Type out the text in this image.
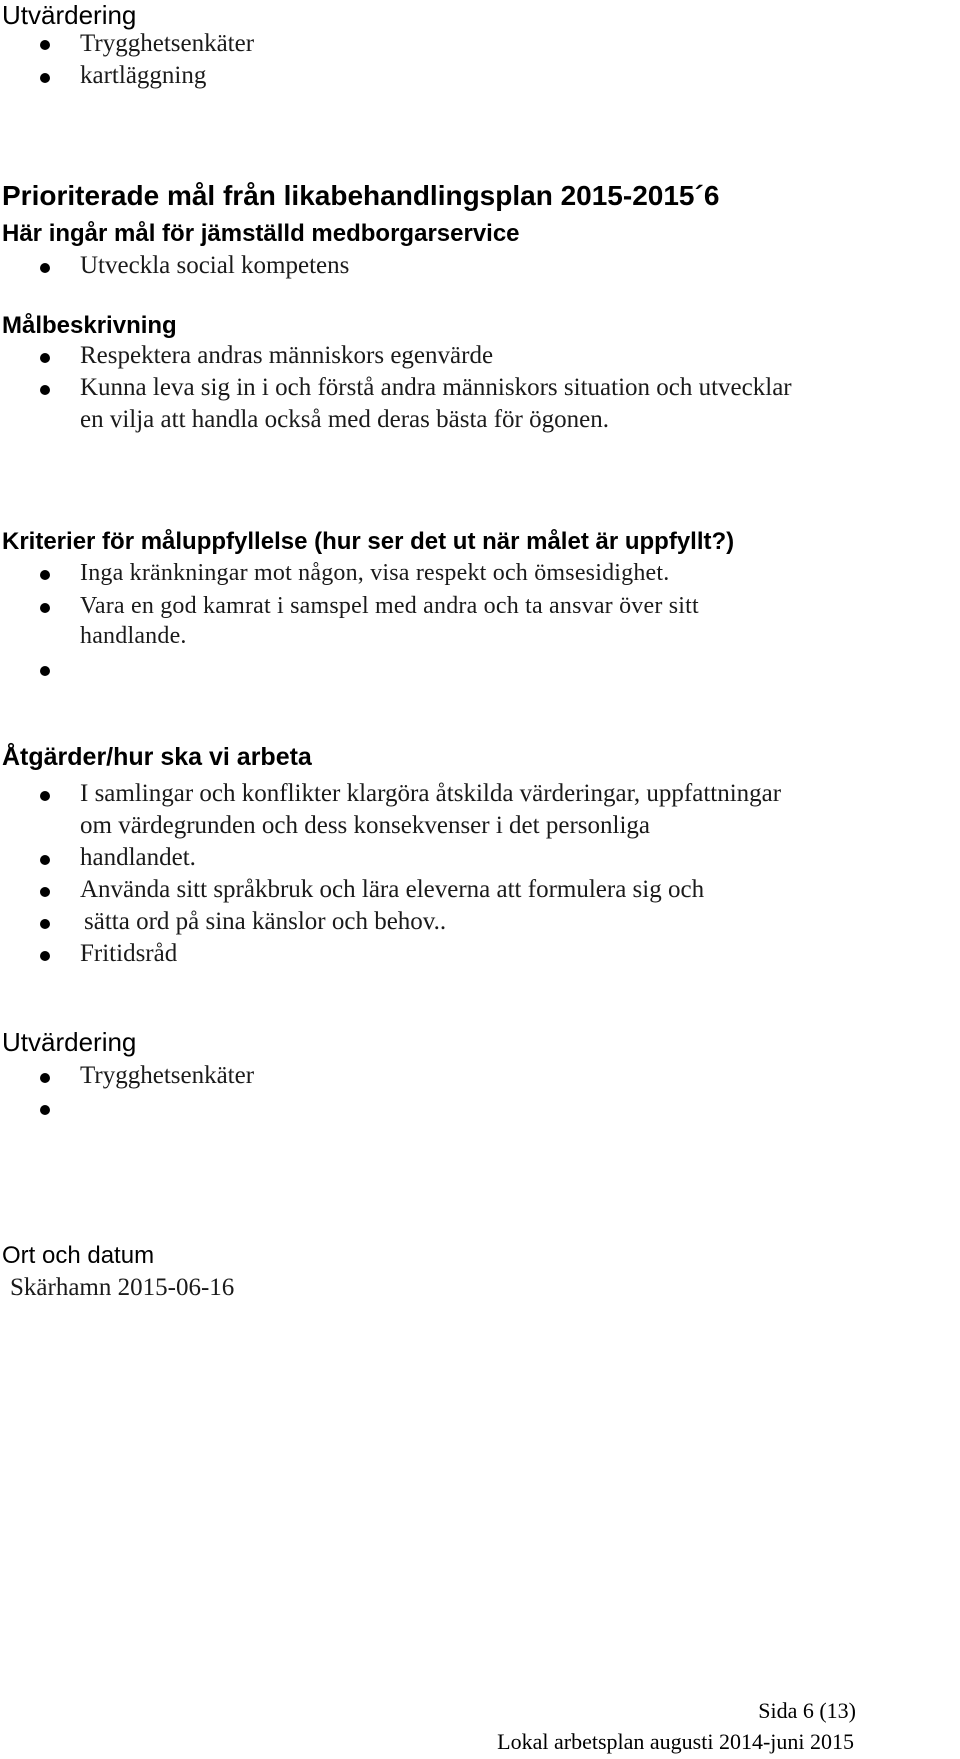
Utvärdering
Trygghetsenkäter
kartläggning
Prioriterade mål från likabehandlingsplan 2015-2015´6
Här ingår mål för jämställd medborgarservice
Utveckla social kompetens
Målbeskrivning
Respektera andras människors egenvärde
Kunna leva sig in i och förstå andra människors situation och utvecklar
en vilja att handla också med deras bästa för ögonen.
Kriterier för måluppfyllelse (hur ser det ut när målet är uppfyllt?)
Inga kränkningar mot någon, visa respekt och ömsesidighet.
Vara en god kamrat i samspel med andra och ta ansvar över sitt
handlande.
Åtgärder/hur ska vi arbeta
I samlingar och konflikter klargöra åtskilda värderingar, uppfattningar
om värdegrunden och dess konsekvenser i det personliga
handlandet.
Använda sitt språkbruk och lära eleverna att formulera sig och
sätta ord på sina känslor och behov..
Fritidsråd
Utvärdering
Trygghetsenkäter
Ort och datum
Skärhamn 2015-06-16
Sida 6 (13)
Lokal arbetsplan augusti 2014-juni 2015
